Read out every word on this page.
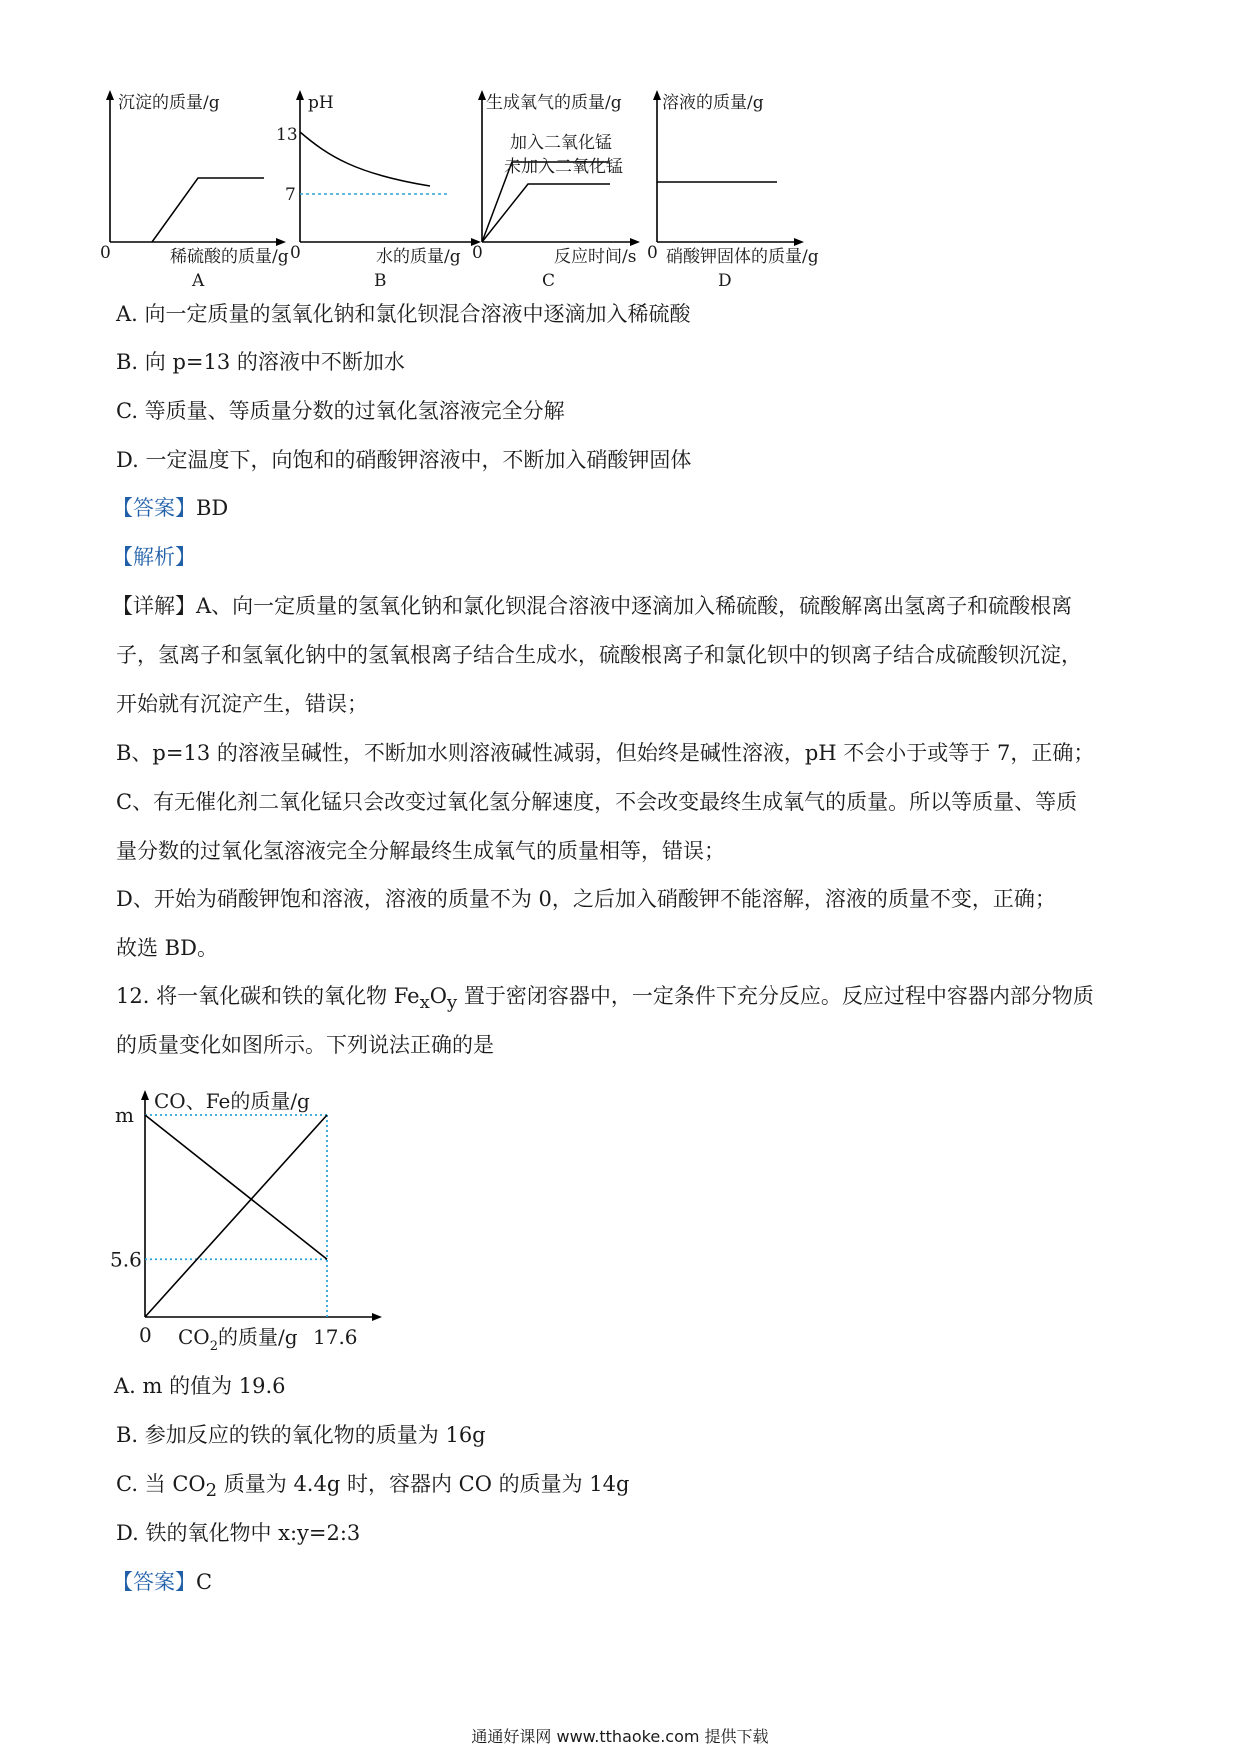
沉淀的质量/g
0	稀硫酸的质量/g
A
pH
13
7
0	水的质量/g
B
生成氧气的质量/g
加入二氧化锰
未加入二氧化锰
0	反应时间/s
C
溶液的质量/g
0 硝酸钾固体的质量/g
D
A. 向一定质量的氢氧化钠和氯化钡混合溶液中逐滴加入稀硫酸
B. 向 p=13 的溶液中不断加水
C. 等质量、等质量分数的过氧化氢溶液完全分解
D. 一定温度下，向饱和的硝酸钾溶液中，不断加入硝酸钾固体
【答案】BD
【解析】
【详解】A、向一定质量的氢氧化钠和氯化钡混合溶液中逐滴加入稀硫酸，硫酸解离出氢离子和硫酸根离
子，氢离子和氢氧化钠中的氢氧根离子结合生成水，硫酸根离子和氯化钡中的钡离子结合成硫酸钡沉淀，
开始就有沉淀产生，错误；
B、p=13 的溶液呈碱性，不断加水则溶液碱性减弱，但始终是碱性溶液，pH 不会小于或等于 7，正确；
C、有无催化剂二氧化锰只会改变过氧化氢分解速度，不会改变最终生成氧气的质量。所以等质量、等质
量分数的过氧化氢溶液完全分解最终生成氧气的质量相等，错误；
D、开始为硝酸钾饱和溶液，溶液的质量不为 0，之后加入硝酸钾不能溶解，溶液的质量不变，正确；
故选 BD。
12. 将一氧化碳和铁的氧化物 $Fe_xO_y$ 置于密闭容器中，一定条件下充分反应。反应过程中容器内部分物质
的质量变化如图所示。下列说法正确的是
m
5.6
17.6
CO、Fe的质量/g
0 $CO_2$的质量/g
A. m 的值为 19.6
B. 参加反应的铁的氧化物的质量为 16g
C. 当 $CO_2$ 质量为 4.4g 时，容器内 CO 的质量为 14g
D. 铁的氧化物中 x:y=2:3
【答案】C
通通好课网 www.tthaoke.com 提供下载
